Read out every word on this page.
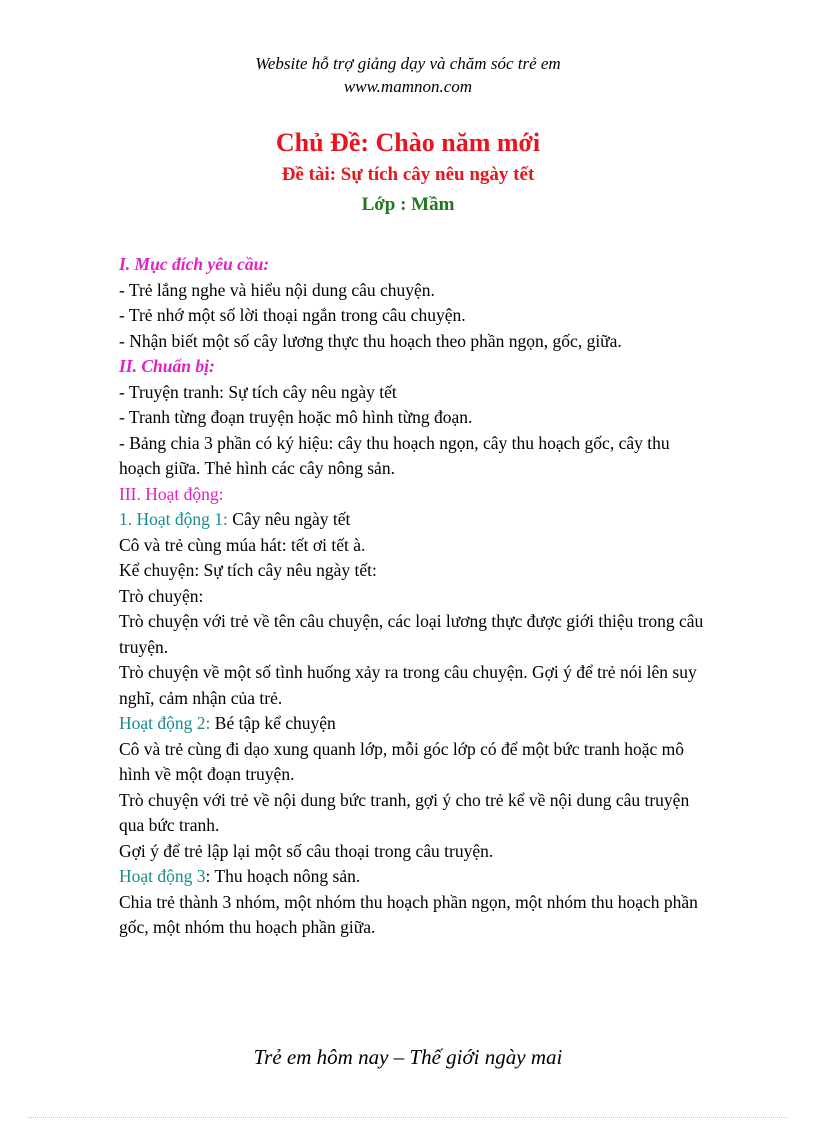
Website hỗ trợ giảng dạy và chăm sóc trẻ em
www.mamnon.com
Chủ Đề: Chào năm mới
Đề tài: Sự tích cây nêu ngày tết
Lớp : Mầm

I. Mục đích yêu cầu:

- Trẻ lắng nghe và hiểu nội dung câu chuyện.

- Trẻ nhớ một số lời thoại ngắn trong câu chuyện.

- Nhận biết một số cây lương thực thu hoạch theo phần ngọn, gốc, giữa.

II. Chuẩn bị:

- Truyện tranh: Sự tích cây nêu ngày tết

- Tranh từng đoạn truyện hoặc mô hình từng đoạn.

- Bảng chia 3 phần có ký hiệu: cây thu hoạch ngọn, cây thu hoạch gốc, cây thu hoạch giữa. Thẻ hình các cây nông sản.

III. Hoạt động:

1. Hoạt động 1: Cây nêu ngày tết

Cô và trẻ cùng múa hát: tết ơi tết à.

Kể chuyện: Sự tích cây nêu ngày tết:

Trò chuyện:

Trò chuyện với trẻ về tên câu chuyện, các loại lương thực được giới thiệu trong câu truyện.

Trò chuyện về một số tình huống xảy ra trong câu chuyện. Gợi ý để trẻ nói lên suy nghĩ, cảm nhận của trẻ.

Hoạt động 2: Bé tập kể chuyện

Cô và trẻ cùng đi dạo xung quanh lớp, mỗi góc lớp có để một bức tranh hoặc mô hình về một đoạn truyện.

Trò chuyện với trẻ về nội dung bức tranh, gợi ý cho trẻ kể về nội dung câu truyện qua bức tranh.

Gợi ý để trẻ lập lại một số câu thoại trong câu truyện.

Hoạt động 3: Thu hoạch nông sản.

Chia trẻ thành 3 nhóm, một nhóm thu hoạch phần ngọn, một nhóm thu hoạch phần gốc, một nhóm thu hoạch phần giữa.

Trẻ em hôm nay – Thế giới ngày mai
